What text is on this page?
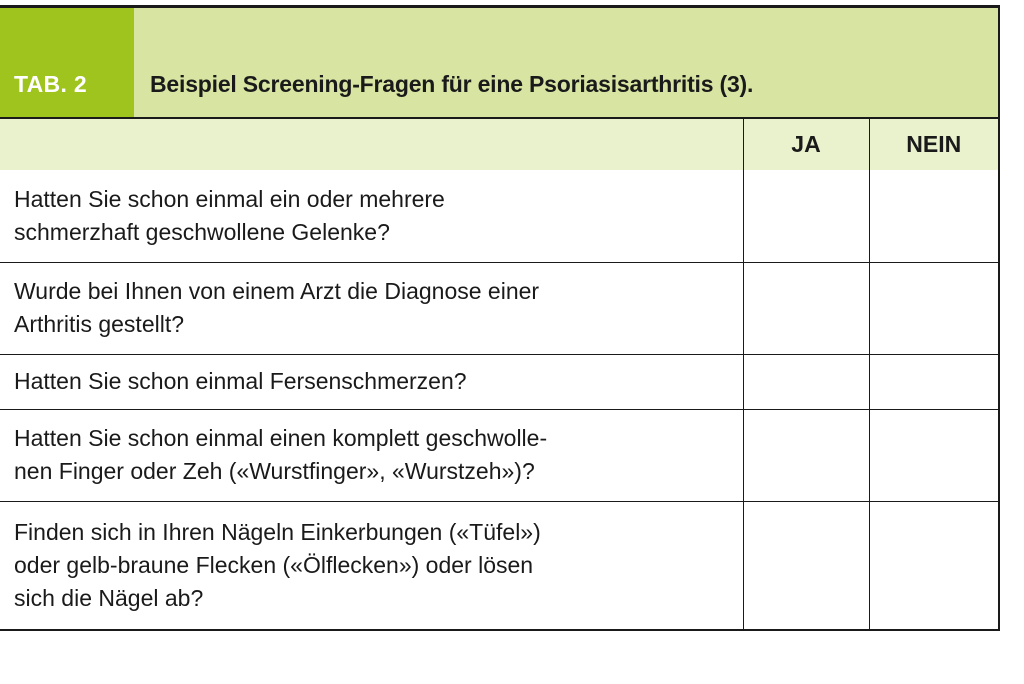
TAB. 2	Beispiel Screening-Fragen für eine Psoriasisarthritis (3).
	JA	NEIN

Hatten Sie schon einmal ein oder mehrere
schmerzhaft geschwollene Gelenke?		

Wurde bei Ihnen von einem Arzt die Diagnose einer
Arthritis gestellt?		

Hatten Sie schon einmal Fersenschmerzen?		

Hatten Sie schon einmal einen komplett geschwolle-
nen Finger oder Zeh («Wurstfinger», «Wurstzeh»)?		

Finden sich in Ihren Nägeln Einkerbungen («Tüfel»)
oder gelb-braune Flecken («Ölflecken») oder lösen
sich die Nägel ab?		
